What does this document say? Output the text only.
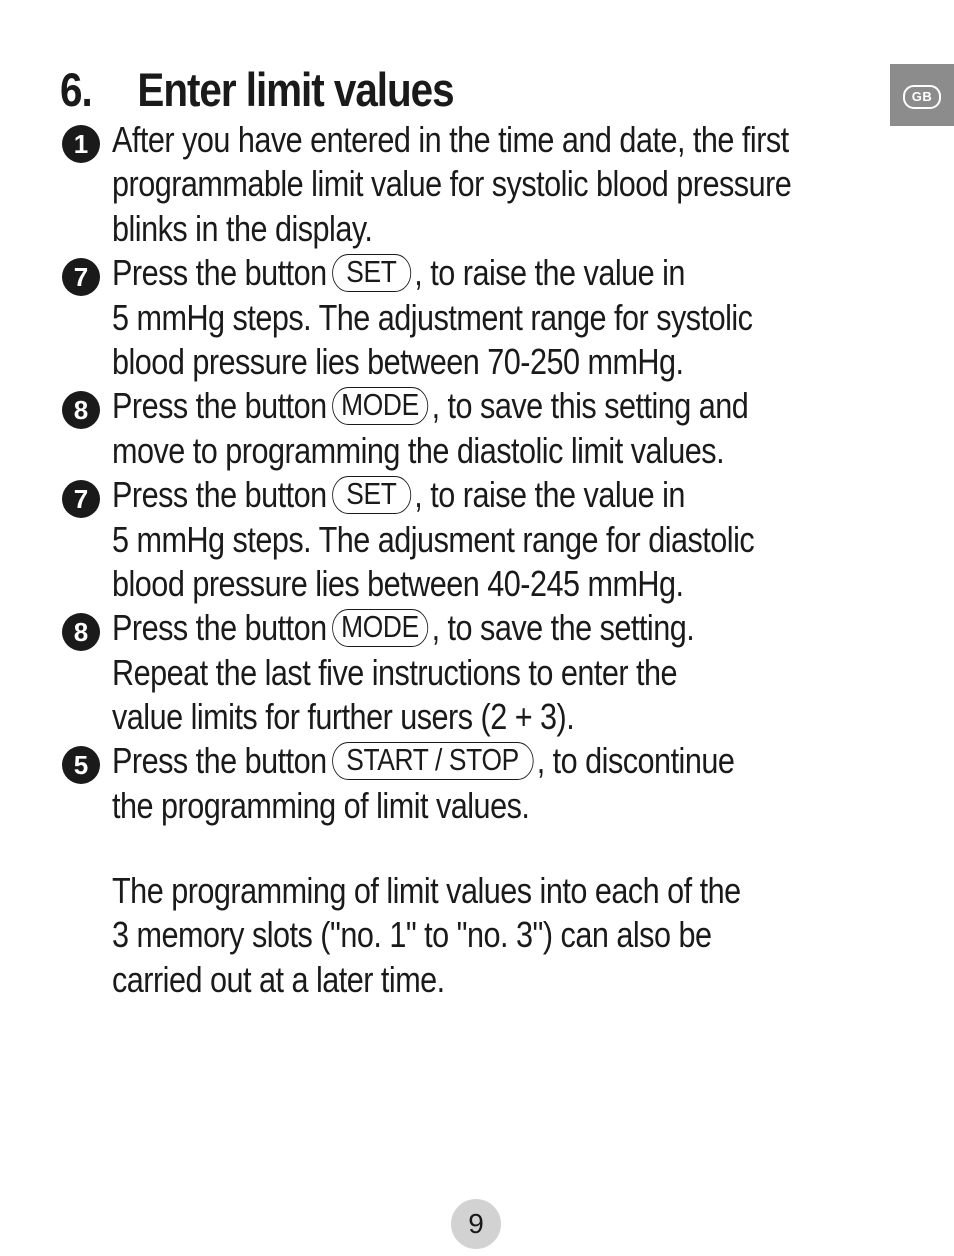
6. Enter limit values	GB
1 After you have entered in the time and date, the first
programmable limit value for systolic blood pressure
blinks in the display.
7 Press the button SET , to raise the value in
5 mmHg steps. The adjustment range for systolic
blood pressure lies between 70-250 mmHg.
8 Press the button MODE , to save this setting and
move to programming the diastolic limit values.
7 Press the button SET , to raise the value in
5 mmHg steps. The adjusment range for diastolic
blood pressure lies between 40-245 mmHg.
8 Press the button MODE , to save the setting.
Repeat the last five instructions to enter the
value limits for further users (2 + 3).
5 Press the button START / STOP , to discontinue
the programming of limit values.
The programming of limit values into each of the
3 memory slots ("no. 1" to "no. 3") can also be
carried out at a later time.
9
